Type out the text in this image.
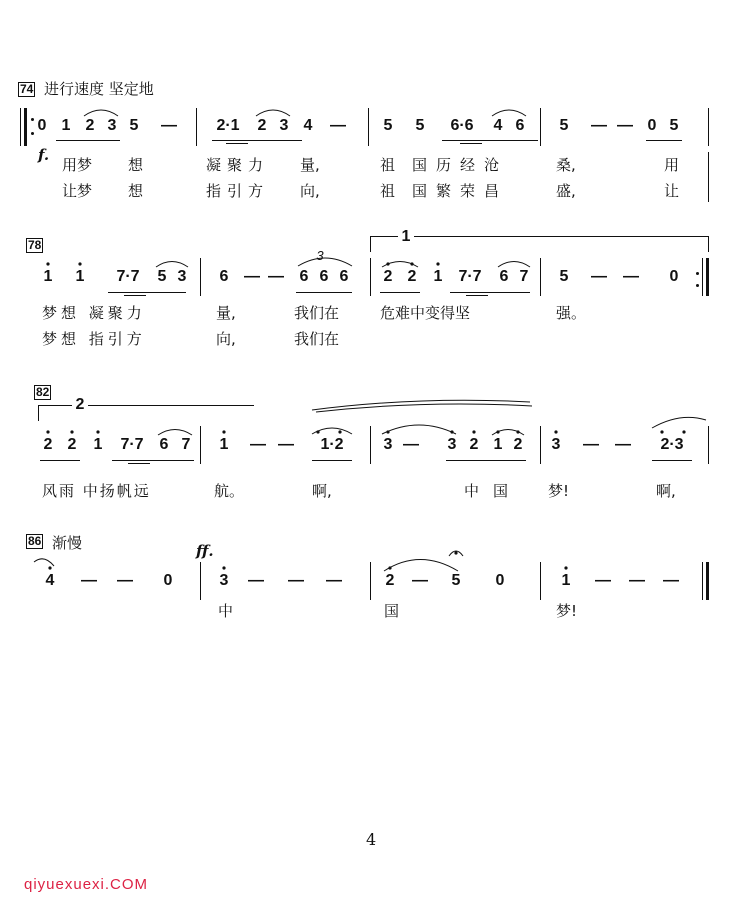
74 进行速度 坚定地
0 1 2 3 5	—	2·1	2 3 4	—	5 5	6·6	4 6 5 — — 0 5
f.
用梦 想	凝聚力 量,	祖 国历经沧	桑,	用
让梦 想	指引方 向,	祖 国繁荣昌	盛,	让
78	1
1 1	7·7	5 3 6 — — 6 6 6
3
2 2 1 7·7	6 7 5 — — 0
梦想 凝聚力	量,	我们在	危难中变得坚	强。
梦想 指引方	向,	我们在
82
2
2 2 1	7·7 6 7 1 — —	1·2	3 — 3 2 1 2 3 — —	2·3
风雨 中扬帆远	航。	啊,	中国 梦!	啊,
86 渐慢	ff.
4	—	—	0	3 — — —	2 — 5 0	1	—	—	—
中	国	梦!
4
qiyuexuexi.COM
